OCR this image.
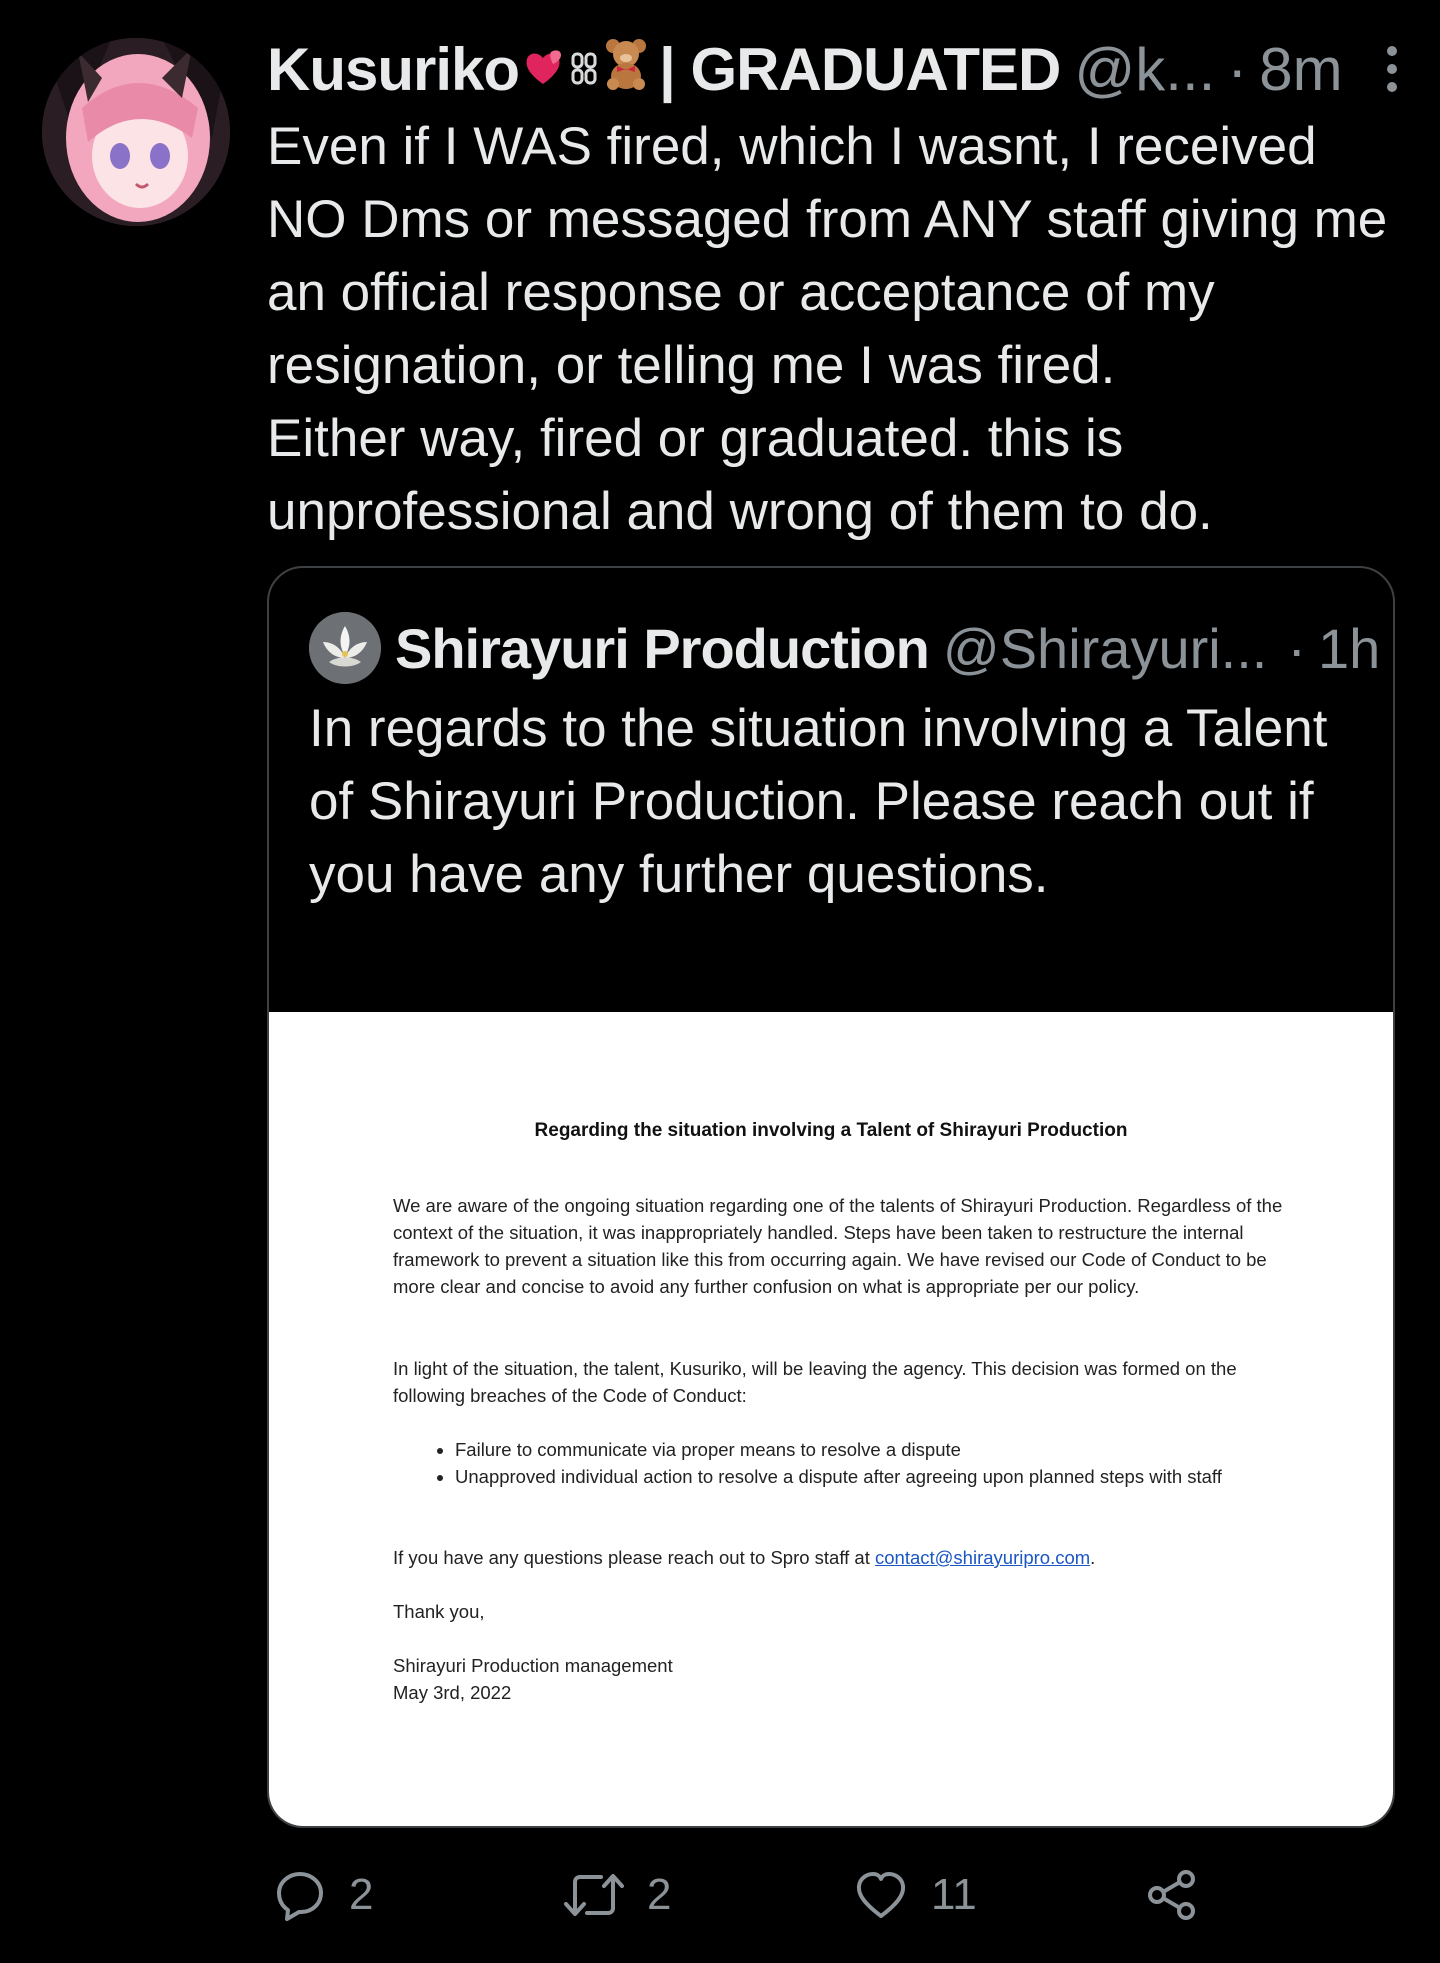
Kusuriko | GRADUATED @k... · 8m
Even if I WAS fired, which I wasnt, I received NO Dms or messaged from ANY staff giving me an official response or acceptance of my resignation, or telling me I was fired.
Either way, fired or graduated. this is unprofessional and wrong of them to do.
Shirayuri Production @Shirayuri... · 1h
In regards to the situation involving a Talent of Shirayuri Production. Please reach out if you have any further questions.
Regarding the situation involving a Talent of Shirayuri Production

We are aware of the ongoing situation regarding one of the talents of Shirayuri Production. Regardless of the context of the situation, it was inappropriately handled. Steps have been taken to restructure the internal framework to prevent a situation like this from occurring again. We have revised our Code of Conduct to be more clear and concise to avoid any further confusion on what is appropriate per our policy.

In light of the situation, the talent, Kusuriko, will be leaving the agency. This decision was formed on the following breaches of the Code of Conduct:

• Failure to communicate via proper means to resolve a dispute
• Unapproved individual action to resolve a dispute after agreeing upon planned steps with staff

If you have any questions please reach out to Spro staff at contact@shirayuripro.com.

Thank you,

Shirayuri Production management

May 3rd, 2022

2	2	11
